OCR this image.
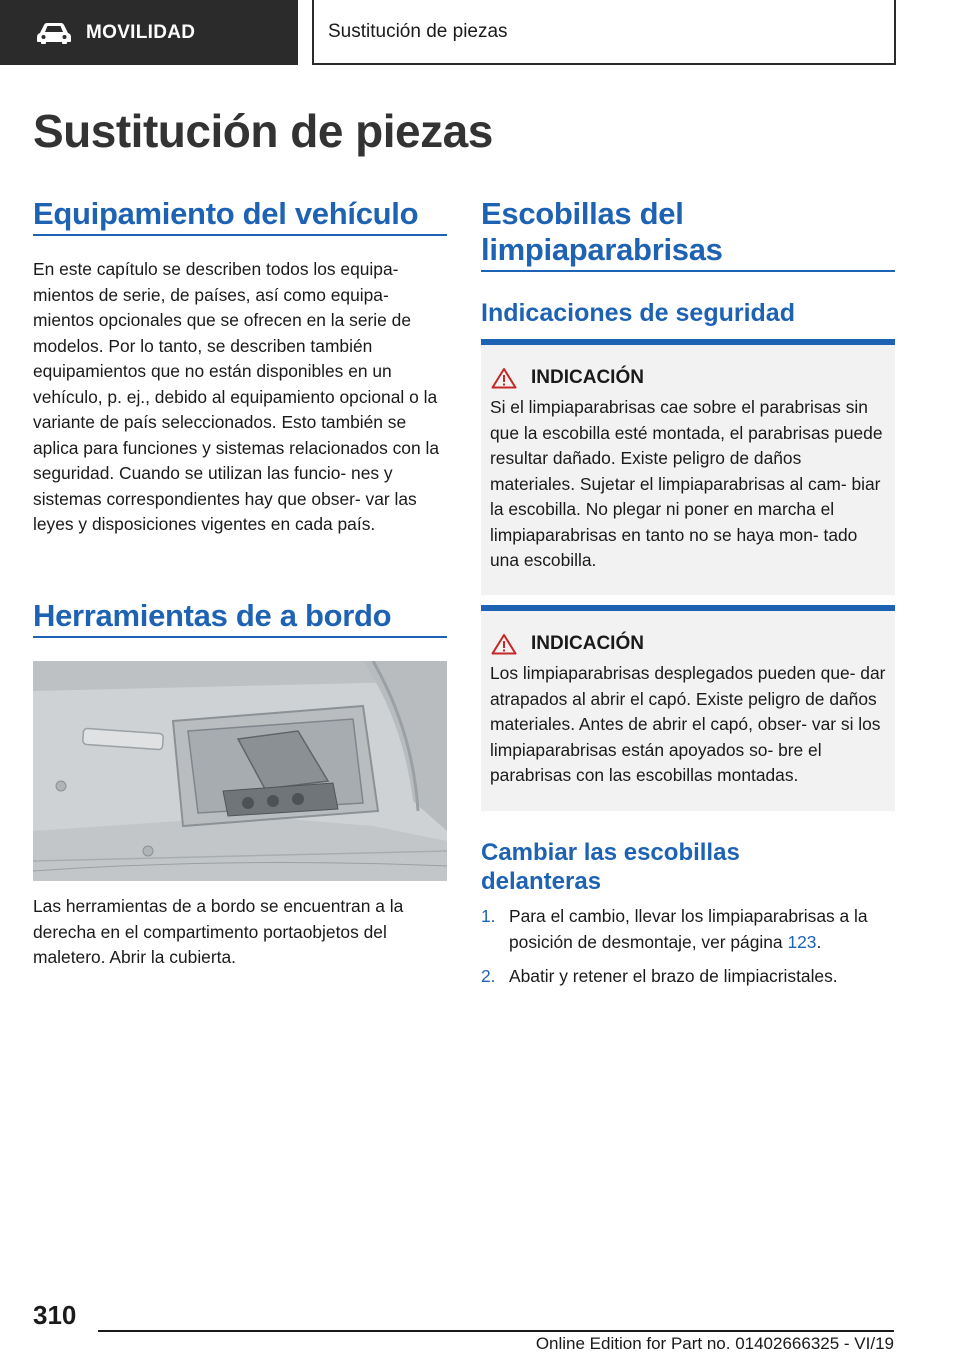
MOVILIDAD	Sustitución de piezas
Sustitución de piezas
Equipamiento del vehículo

En este capítulo se describen todos los equipa‐ mientos de serie, de países, así como equipa‐ mientos opcionales que se ofrecen en la serie de modelos. Por lo tanto, se describen también equipamientos que no están disponibles en un vehículo, p. ej., debido al equipamiento opcional o la variante de país seleccionados. Esto también se aplica para funciones y sistemas relacionados con la seguridad. Cuando se utilizan las funcio‐ nes y sistemas correspondientes hay que obser‐ var las leyes y disposiciones vigentes en cada país.

Herramientas de a bordo

Las herramientas de a bordo se encuentran a la derecha en el compartimento portaobjetos del maletero. Abrir la cubierta.

Escobillas del
limpiaparabrisas
Indicaciones de seguridad
INDICACIÓN

Si el limpiaparabrisas cae sobre el parabrisas sin que la escobilla esté montada, el parabrisas puede resultar dañado. Existe peligro de daños materiales. Sujetar el limpiaparabrisas al cam‐ biar la escobilla. No plegar ni poner en marcha el limpiaparabrisas en tanto no se haya mon‐ tado una escobilla.

INDICACIÓN

Los limpiaparabrisas desplegados pueden que‐ dar atrapados al abrir el capó. Existe peligro de daños materiales. Antes de abrir el capó, obser‐ var si los limpiaparabrisas están apoyados so‐ bre el parabrisas con las escobillas montadas.

Cambiar las escobillas
delanteras
1. Para el cambio, llevar los limpiaparabrisas a la posición de desmontaje, ver página 123.
2. Abatir y retener el brazo de limpiacristales.
310
Online Edition for Part no. 01402666325 - VI/19
